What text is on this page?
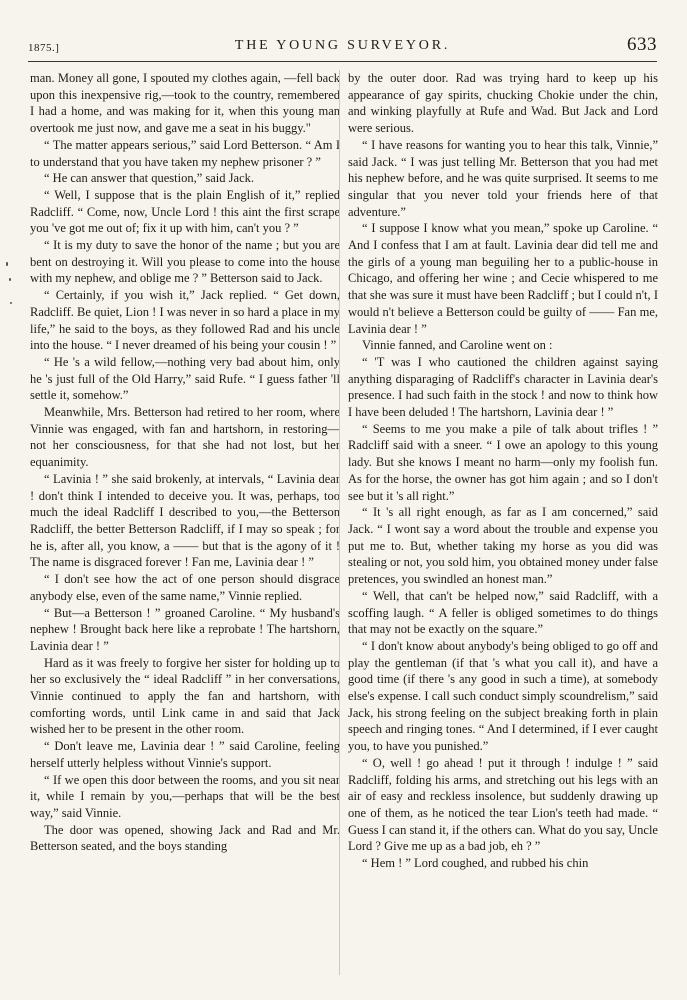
1875.]	THE YOUNG SURVEYOR.	633

man. Money all gone, I spouted my clothes again, —fell back upon this inexpensive rig,—took to the country, remembered I had a home, and was making for it, when this young man overtook me just now, and gave me a seat in his buggy."

“ The matter appears serious,” said Lord Betterson. “ Am I to understand that you have taken my nephew prisoner ? ”

“ He can answer that question,” said Jack.

“ Well, I suppose that is the plain English of it,” replied Radcliff. “ Come, now, Uncle Lord ! this aint the first scrape you 've got me out of; fix it up with him, can't you ? ”

“ It is my duty to save the honor of the name ; but you are bent on destroying it. Will you please to come into the house with my nephew, and oblige me ? ” Betterson said to Jack.

“ Certainly, if you wish it,” Jack replied. “ Get down, Radcliff. Be quiet, Lion ! I was never in so hard a place in my life,” he said to the boys, as they followed Rad and his uncle into the house. “ I never dreamed of his being your cousin ! ”

“ He 's a wild fellow,—nothing very bad about him, only he 's just full of the Old Harry,” said Rufe. “ I guess father 'll settle it, somehow.”

Meanwhile, Mrs. Betterson had retired to her room, where Vinnie was engaged, with fan and hartshorn, in restoring—not her consciousness, for that she had not lost, but her equanimity.

“ Lavinia ! ” she said brokenly, at intervals, “ Lavinia dear ! don't think I intended to deceive you. It was, perhaps, too much the ideal Radcliff I described to you,—the Betterson Radcliff, the better Betterson Radcliff, if I may so speak ; for he is, after all, you know, a —— but that is the agony of it ! The name is disgraced forever ! Fan me, Lavinia dear ! ”

“ I don't see how the act of one person should disgrace anybody else, even of the same name,” Vinnie replied.

“ But—a Betterson ! ” groaned Caroline. “ My husband's nephew ! Brought back here like a reprobate ! The hartshorn, Lavinia dear ! ”

Hard as it was freely to forgive her sister for holding up to her so exclusively the “ ideal Radcliff ” in her conversations, Vinnie continued to apply the fan and hartshorn, with comforting words, until Link came in and said that Jack wished her to be present in the other room.

“ Don't leave me, Lavinia dear ! ” said Caroline, feeling herself utterly helpless without Vinnie's support.

“ If we open this door between the rooms, and you sit near it, while I remain by you,—perhaps that will be the best way,” said Vinnie.

The door was opened, showing Jack and Rad and Mr. Betterson seated, and the boys standing

by the outer door. Rad was trying hard to keep up his appearance of gay spirits, chucking Chokie under the chin, and winking playfully at Rufe and Wad. But Jack and Lord were serious.

“ I have reasons for wanting you to hear this talk, Vinnie,” said Jack. “ I was just telling Mr. Betterson that you had met his nephew before, and he was quite surprised. It seems to me singular that you never told your friends here of that adventure.”

“ I suppose I know what you mean,” spoke up Caroline. “ And I confess that I am at fault. Lavinia dear did tell me and the girls of a young man beguiling her to a public-house in Chicago, and offering her wine ; and Cecie whispered to me that she was sure it must have been Radcliff ; but I could n't, I would n't believe a Betterson could be guilty of —— Fan me, Lavinia dear ! ”

Vinnie fanned, and Caroline went on :

“ 'T was I who cautioned the children against saying anything disparaging of Radcliff's character in Lavinia dear's presence. I had such faith in the stock ! and now to think how I have been deluded ! The hartshorn, Lavinia dear ! ”

“ Seems to me you make a pile of talk about trifles ! ” Radcliff said with a sneer. “ I owe an apology to this young lady. But she knows I meant no harm—only my foolish fun. As for the horse, the owner has got him again ; and so I don't see but it 's all right.”

“ It 's all right enough, as far as I am concerned,” said Jack. “ I wont say a word about the trouble and expense you put me to. But, whether taking my horse as you did was stealing or not, you sold him, you obtained money under false pretences, you swindled an honest man.”

“ Well, that can't be helped now,” said Radcliff, with a scoffing laugh. “ A feller is obliged sometimes to do things that may not be exactly on the square.”

“ I don't know about anybody's being obliged to go off and play the gentleman (if that 's what you call it), and have a good time (if there 's any good in such a time), at somebody else's expense. I call such conduct simply scoundrelism,” said Jack, his strong feeling on the subject breaking forth in plain speech and ringing tones. “ And I determined, if I ever caught you, to have you punished.”

“ O, well ! go ahead ! put it through ! indulge ! ” said Radcliff, folding his arms, and stretching out his legs with an air of easy and reckless insolence, but suddenly drawing up one of them, as he noticed the tear Lion's teeth had made. “ Guess I can stand it, if the others can. What do you say, Uncle Lord ? Give me up as a bad job, eh ? ”

“ Hem ! ” Lord coughed, and rubbed his chin
